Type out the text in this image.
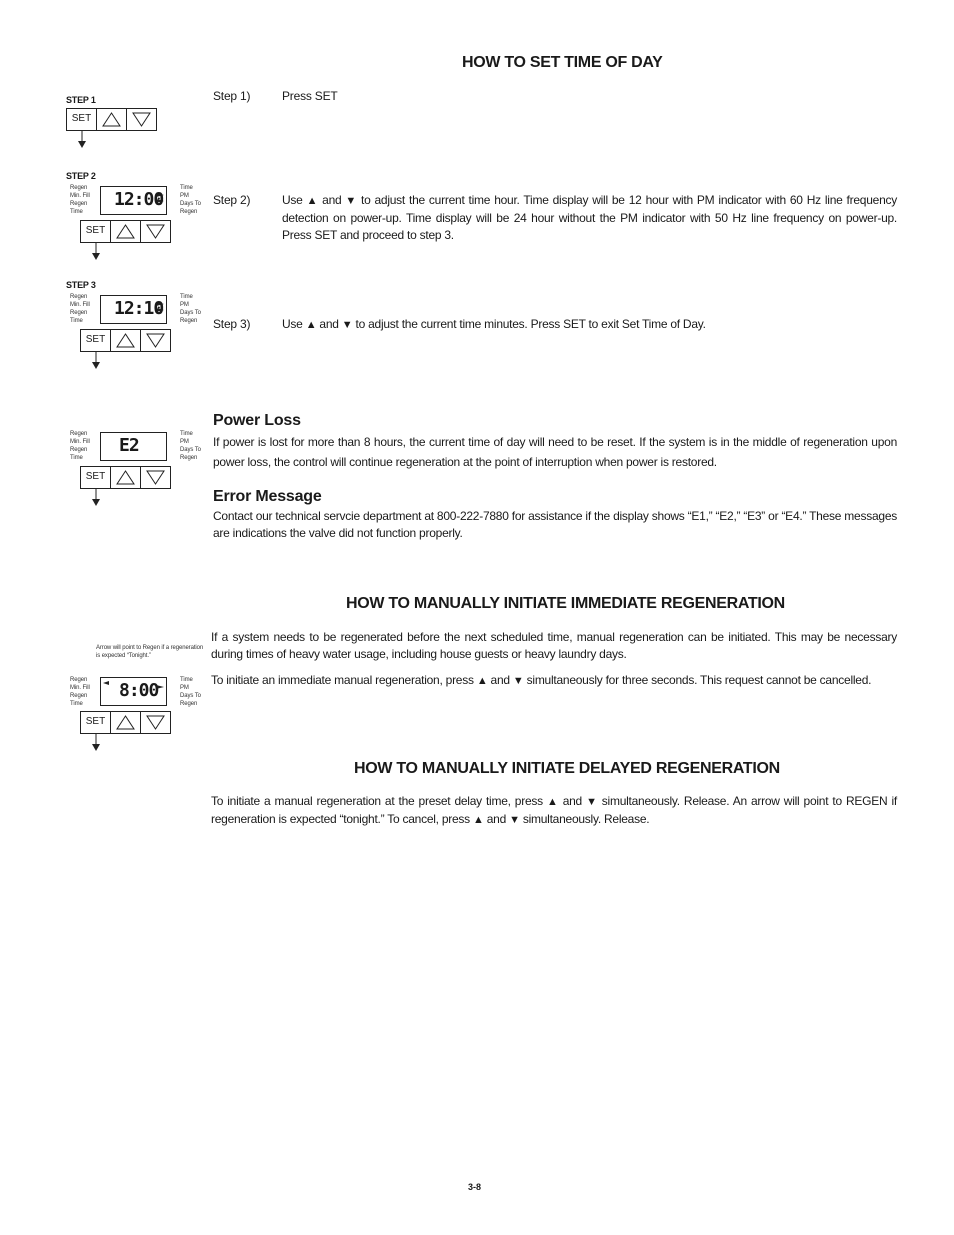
HOW TO SET TIME OF DAY
STEP 1
SET
Step 1)	Press SET
STEP 2
Regen
Min. Fill
Regen
Time
Time
PM
Days To
Regen
12:00
SET
Step 2)	Use ▲ and ▼ to adjust the current time hour. Time display will be 12 hour with PM indicator with 60 Hz line frequency detection on power-up. Time display will be 24 hour without the PM indicator with 50 Hz line frequency on power-up. Press SET and proceed to step 3.
STEP 3
Regen
Min. Fill
Regen
Time
Time
PM
Days To
Regen
12:10
SET
Step 3)	Use ▲ and ▼ to adjust the current time minutes. Press SET to exit Set Time of Day.
Regen
Min. Fill
Regen
Time
Time
PM
Days To
Regen
E2
SET
Power Loss
If power is lost for more than 8 hours, the current time of day will need to be reset. If the system is in the middle of regeneration upon power loss, the control will continue regeneration at the point of interruption when power is restored.
Error Message
Contact our technical servcie department at 800-222-7880 for assistance if the display shows “E1,” “E2,” “E3” or “E4.” These messages are indications the valve did not function properly.
HOW TO MANUALLY INITIATE IMMEDIATE REGENERATION
Arrow will point to Regen if a regeneration is expected “Tonight.”
Regen
Min. Fill
Regen
Time
Time
PM
Days To
Regen
8:00
SET
If a system needs to be regenerated before the next scheduled time, manual regeneration can be initiated. This may be necessary during times of heavy water usage, including house guests or heavy laundry days.
To initiate an immediate manual regeneration, press ▲ and ▼ simultaneously for three seconds. This request cannot be cancelled.
HOW TO MANUALLY INITIATE DELAYED REGENERATION
To initiate a manual regeneration at the preset delay time, press ▲ and ▼ simultaneously. Release. An arrow will point to REGEN if regeneration is expected “tonight.” To cancel, press ▲ and ▼ simultaneously. Release.
3-8
